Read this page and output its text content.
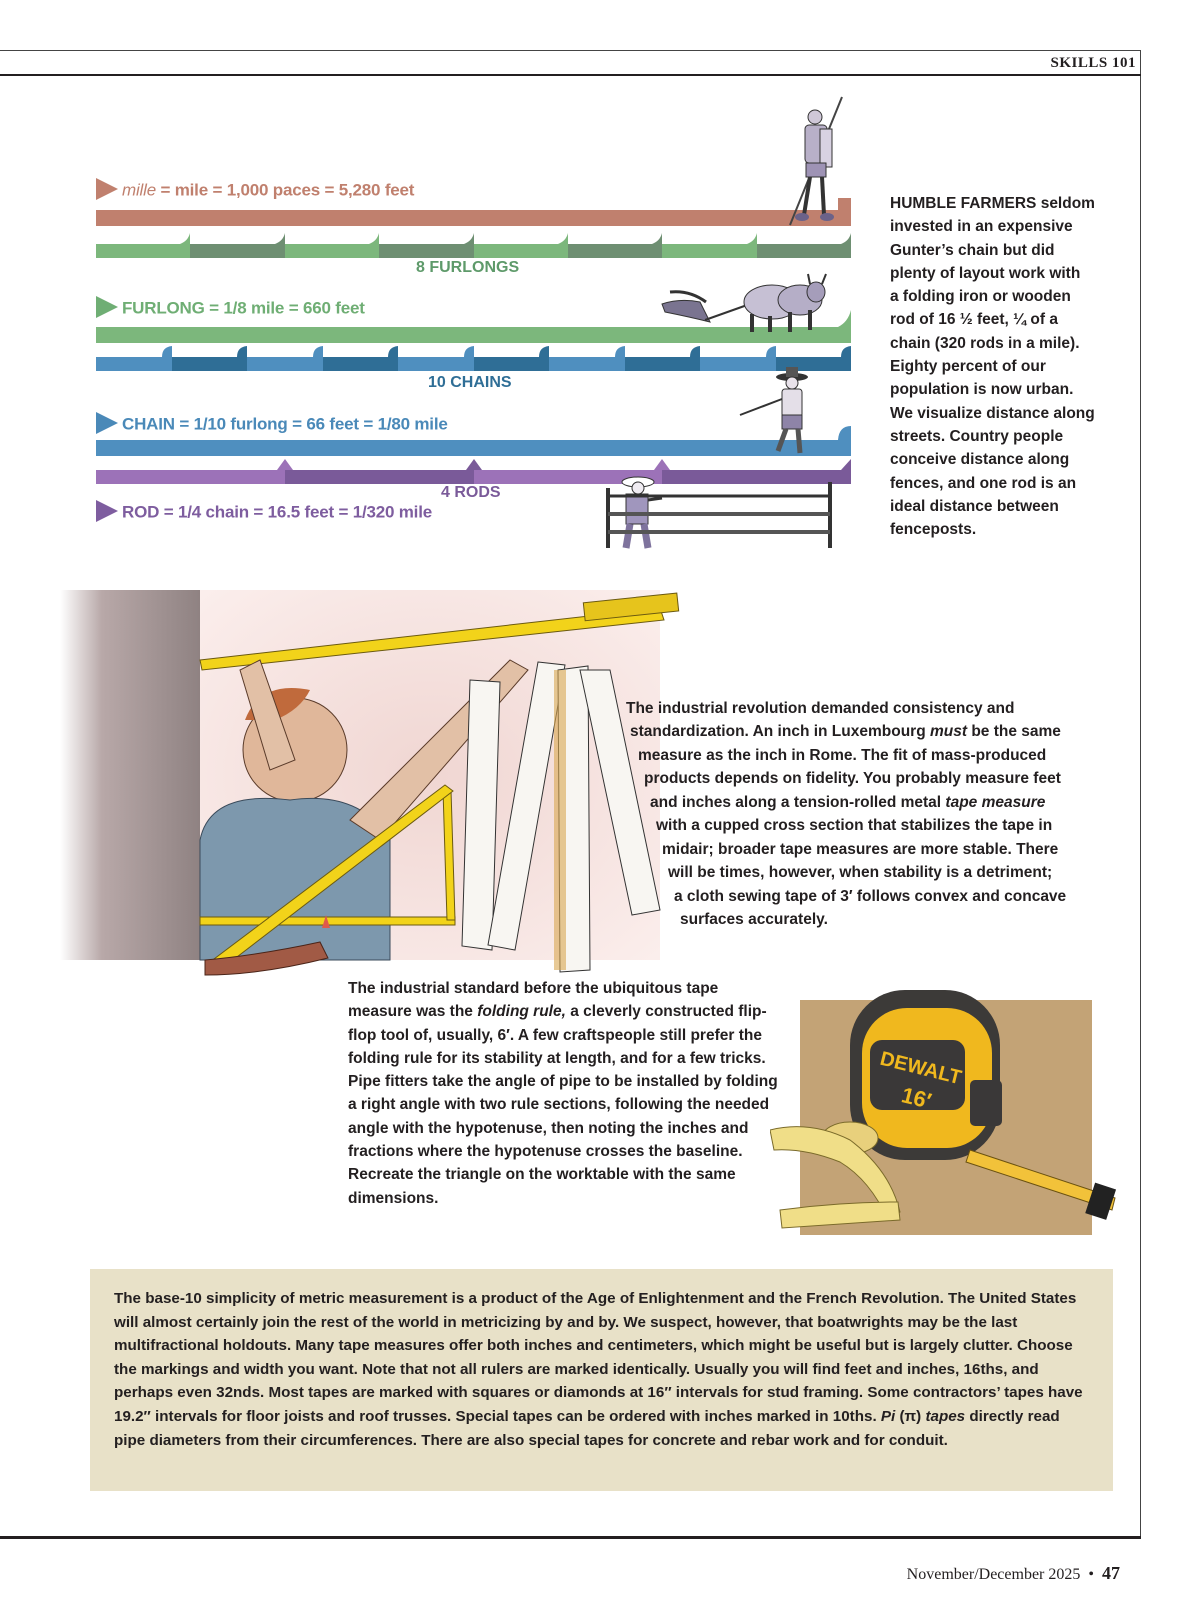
SKILLS 101
mille = mile = 1,000 paces = 5,280 feet
8 FURLONGS
FURLONG = 1/8 mile = 660 feet
10 CHAINS
CHAIN = 1/10 furlong = 66 feet = 1/80 mile
4 RODS
ROD = 1/4 chain = 16.5 feet = 1/320 mile
HUMBLE FARMERS seldom
invested in an expensive
Gunter’s chain but did
plenty of layout work with
a folding iron or wooden
rod of 16 ½ feet, ¼ of a
chain (320 rods in a mile).
Eighty percent of our
population is now urban.
We visualize distance along
streets. Country people
conceive distance along
fences, and one rod is an
ideal distance between
fenceposts.
The industrial revolution demanded consistency and
standardization. An inch in Luxembourg must be the same
measure as the inch in Rome. The fit of mass-produced
products depends on fidelity. You probably measure feet
and inches along a tension-rolled metal tape measure
with a cupped cross section that stabilizes the tape in
midair; broader tape measures are more stable. There
will be times, however, when stability is a detriment;
a cloth sewing tape of 3′ follows convex and concave
surfaces accurately.
The industrial standard before the ubiquitous tape measure was the folding rule, a cleverly constructed flip-flop tool of, usually, 6′. A few craftspeople still prefer the folding rule for its stability at length, and for a few tricks. Pipe fitters take the angle of pipe to be installed by folding a right angle with two rule sections, following the needed angle with the hypotenuse, then noting the inches and fractions where the hypotenuse crosses the baseline. Recreate the triangle on the worktable with the same dimensions.
DEWALT
16′
The base-10 simplicity of metric measurement is a product of the Age of Enlightenment and the French Revolution. The United States will almost certainly join the rest of the world in metricizing by and by. We suspect, however, that boatwrights may be the last multifractional holdouts. Many tape measures offer both inches and centimeters, which might be useful but is largely clutter. Choose the markings and width you want. Note that not all rulers are marked identically. Usually you will find feet and inches, 16ths, and perhaps even 32nds. Most tapes are marked with squares or diamonds at 16″ intervals for stud framing. Some contractors’ tapes have 19.2″ intervals for floor joists and roof trusses. Special tapes can be ordered with inches marked in 10ths. Pi (π) tapes directly read pipe diameters from their circumferences. There are also special tapes for concrete and rebar work and for conduit.
November/December 2025 • 47
